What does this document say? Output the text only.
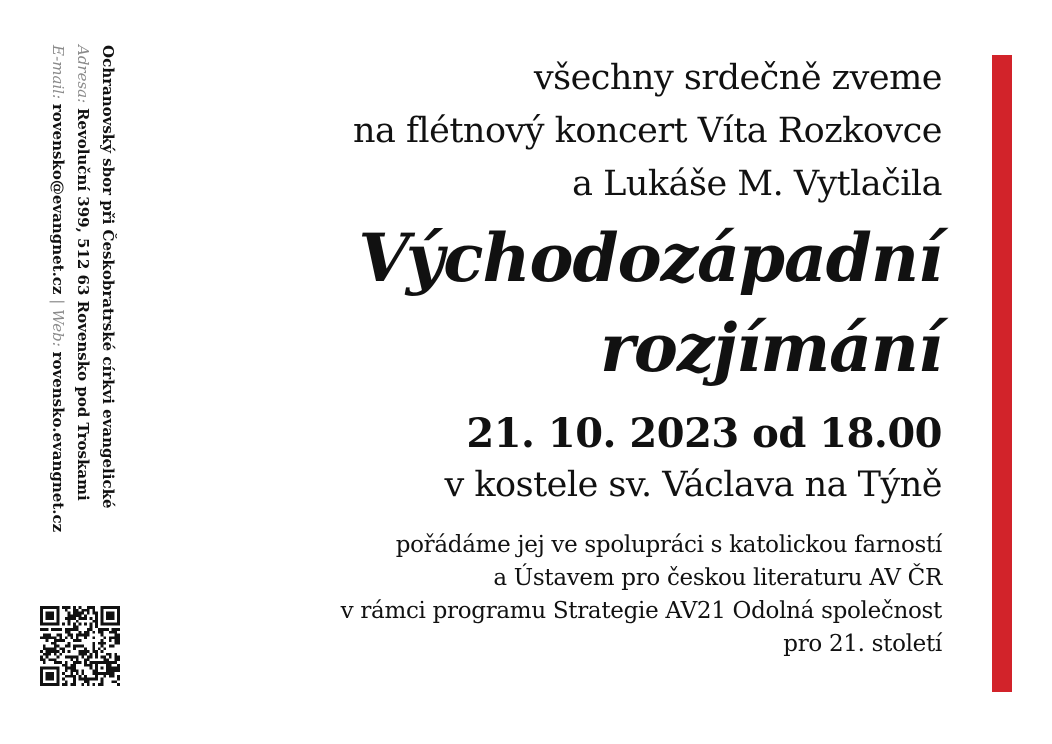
všechny srdečně zveme
na flétnový koncert Víta Rozkovce
a Lukáše M. Vytlačila
Východozápadní
rozjímání
21. 10. 2023 od 18.00
v kostele sv. Václava na Týně
pořádáme jej ve spolupráci s katolickou farností
a Ústavem pro českou literaturu AV ČR
v rámci programu Strategie AV21 Odolná společnost
pro 21. století
Ochranovský sbor při Českobratrské církvi evangelické
Adresa: Revoluční 399, 512 63 Rovensko pod Troskami
E-mail: rovensko@evangnet.cz | Web: rovensko.evangnet.cz
